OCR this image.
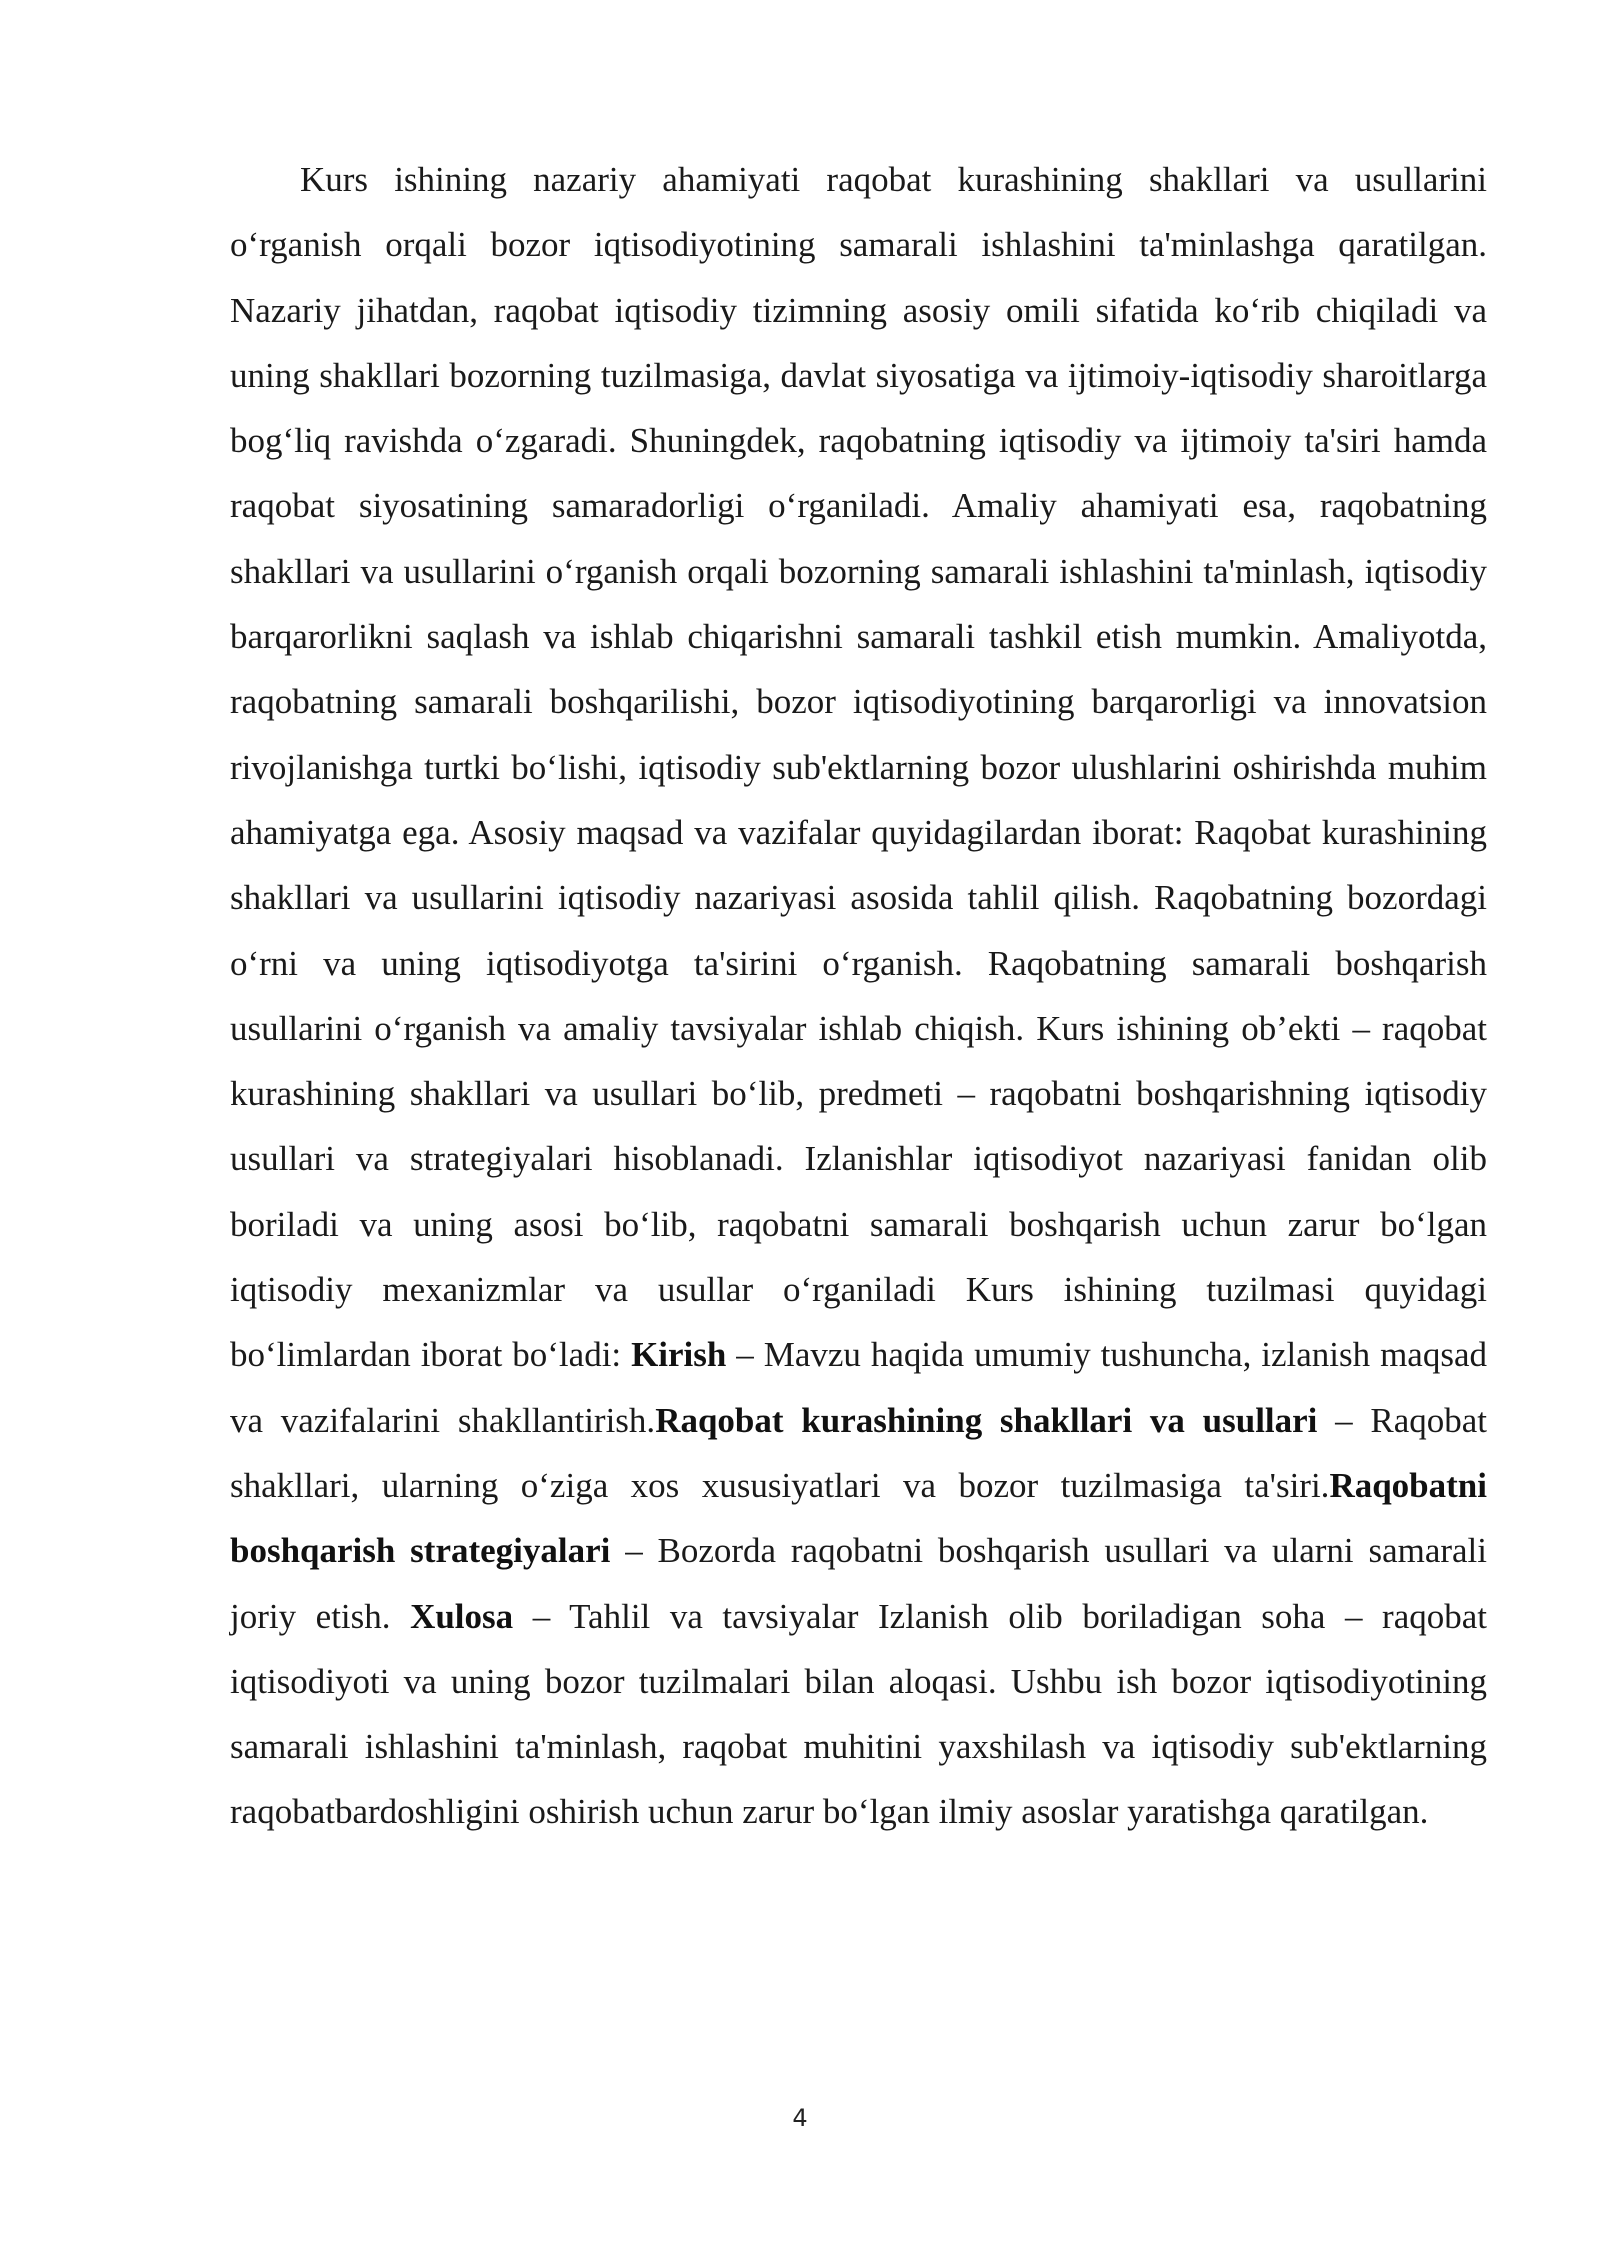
Kurs ishining nazariy ahamiyati raqobat kurashining shakllari va usullarini o‘rganish orqali bozor iqtisodiyotining samarali ishlashini ta'minlashga qaratilgan. Nazariy jihatdan, raqobat iqtisodiy tizimning asosiy omili sifatida ko‘rib chiqiladi va uning shakllari bozorning tuzilmasiga, davlat siyosatiga va ijtimoiy-iqtisodiy sharoitlarga bog‘liq ravishda o‘zgaradi. Shuningdek, raqobatning iqtisodiy va ijtimoiy ta'siri hamda raqobat siyosatining samaradorligi o‘rganiladi. Amaliy ahamiyati esa, raqobatning shakllari va usullarini o‘rganish orqali bozorning samarali ishlashini ta'minlash, iqtisodiy barqarorlikni saqlash va ishlab chiqarishni samarali tashkil etish mumkin. Amaliyotda, raqobatning samarali boshqarilishi, bozor iqtisodiyotining barqarorligi va innovatsion rivojlanishga turtki bo‘lishi, iqtisodiy sub'ektlarning bozor ulushlarini oshirishda muhim ahamiyatga ega. Asosiy maqsad va vazifalar quyidagilardan iborat: Raqobat kurashining shakllari va usullarini iqtisodiy nazariyasi asosida tahlil qilish. Raqobatning bozordagi o‘rni va uning iqtisodiyotga ta'sirini o‘rganish. Raqobatning samarali boshqarish usullarini o‘rganish va amaliy tavsiyalar ishlab chiqish. Kurs ishining ob’ekti – raqobat kurashining shakllari va usullari bo‘lib, predmeti – raqobatni boshqarishning iqtisodiy usullari va strategiyalari hisoblanadi. Izlanishlar iqtisodiyot nazariyasi fanidan olib boriladi va uning asosi bo‘lib, raqobatni samarali boshqarish uchun zarur bo‘lgan iqtisodiy mexanizmlar va usullar o‘rganiladi Kurs ishining tuzilmasi quyidagi bo‘limlardan iborat bo‘ladi: Kirish – Mavzu haqida umumiy tushuncha, izlanish maqsad va vazifalarini shakllantirish.Raqobat kurashining shakllari va usullari – Raqobat shakllari, ularning o‘ziga xos xususiyatlari va bozor tuzilmasiga ta'siri.Raqobatni boshqarish strategiyalari – Bozorda raqobatni boshqarish usullari va ularni samarali joriy etish. Xulosa – Tahlil va tavsiyalar Izlanish olib boriladigan soha – raqobat iqtisodiyoti va uning bozor tuzilmalari bilan aloqasi. Ushbu ish bozor iqtisodiyotining samarali ishlashini ta'minlash, raqobat muhitini yaxshilash va iqtisodiy sub'ektlarning raqobatbardoshligini oshirish uchun zarur bo‘lgan ilmiy asoslar yaratishga qaratilgan.

4
